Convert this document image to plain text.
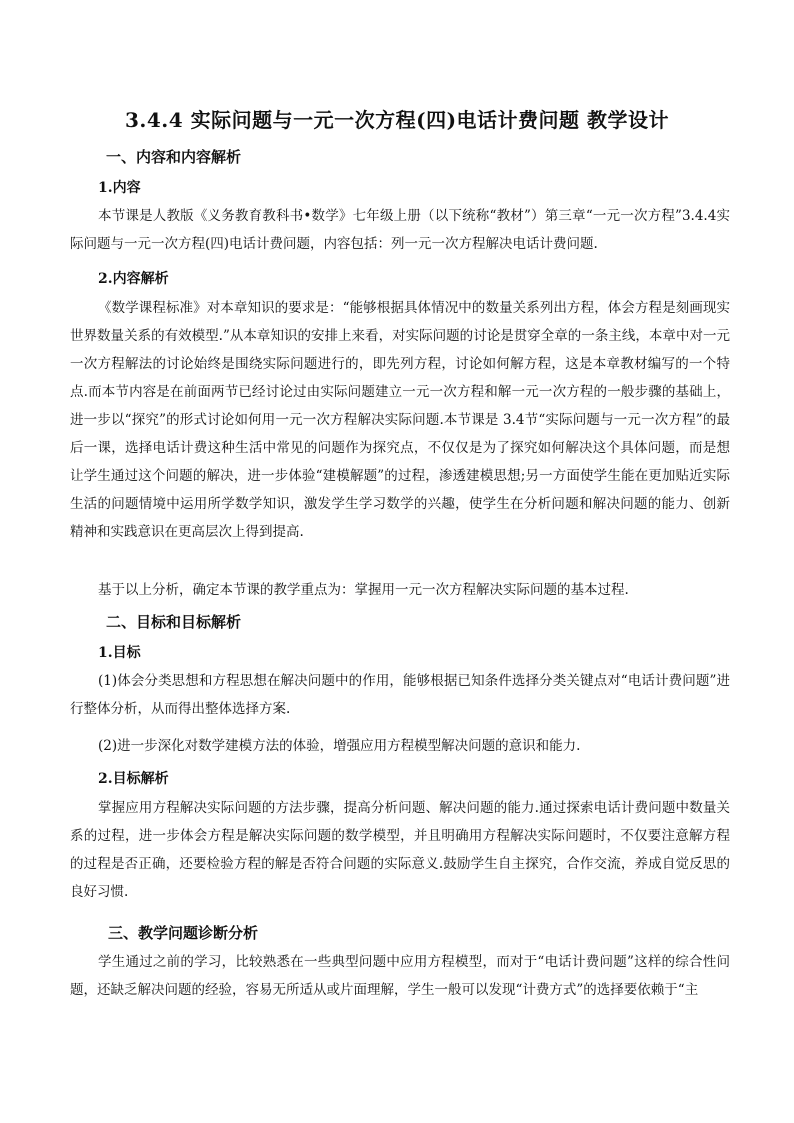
3.4.4 实际问题与一元一次方程(四)电话计费问题 教学设计
一、内容和内容解析
1.内容

本节课是人教版《义务教育教科书•数学》七年级上册（以下统称“教材”）第三章“一元一次方程”3.4.4实际问题与一元一次方程(四)电话计费问题，内容包括：列一元一次方程解决电话计费问题.

2.内容解析

《数学课程标准》对本章知识的要求是：“能够根据具体情况中的数量关系列出方程，体会方程是刻画现实世界数量关系的有效模型.”从本章知识的安排上来看，对实际问题的讨论是贯穿全章的一条主线，本章中对一元一次方程解法的讨论始终是围绕实际问题进行的，即先列方程，讨论如何解方程，这是本章教材编写的一个特点.而本节内容是在前面两节已经讨论过由实际问题建立一元一次方程和解一元一次方程的一般步骤的基础上，进一步以“探究”的形式讨论如何用一元一次方程解决实际问题.本节课是 3.4节“实际问题与一元一次方程”的最后一课，选择电话计费这种生活中常见的问题作为探究点，不仅仅是为了探究如何解决这个具体问题，而是想让学生通过这个问题的解决，进一步体验“建模解题”的过程，渗透建模思想;另一方面使学生能在更加贴近实际生活的问题情境中运用所学数学知识，激发学生学习数学的兴趣，使学生在分析问题和解决问题的能力、创新精神和实践意识在更高层次上得到提高.

基于以上分析，确定本节课的教学重点为：掌握用一元一次方程解决实际问题的基本过程.

二、目标和目标解析
1.目标

(1)体会分类思想和方程思想在解决问题中的作用，能够根据已知条件选择分类关键点对“电话计费问题”进行整体分析，从而得出整体选择方案.

(2)进一步深化对数学建模方法的体验，增强应用方程模型解决问题的意识和能力.

2.目标解析

掌握应用方程解决实际问题的方法步骤，提高分析问题、解决问题的能力.通过探索电话计费问题中数量关系的过程，进一步体会方程是解决实际问题的数学模型，并且明确用方程解决实际问题时，不仅要注意解方程的过程是否正确，还要检验方程的解是否符合问题的实际意义.鼓励学生自主探究，合作交流，养成自觉反思的良好习惯.

三、教学问题诊断分析

学生通过之前的学习，比较熟悉在一些典型问题中应用方程模型，而对于“电话计费问题”这样的综合性问题，还缺乏解决问题的经验，容易无所适从或片面理解，学生一般可以发现“计费方式”的选择要依赖于“主
